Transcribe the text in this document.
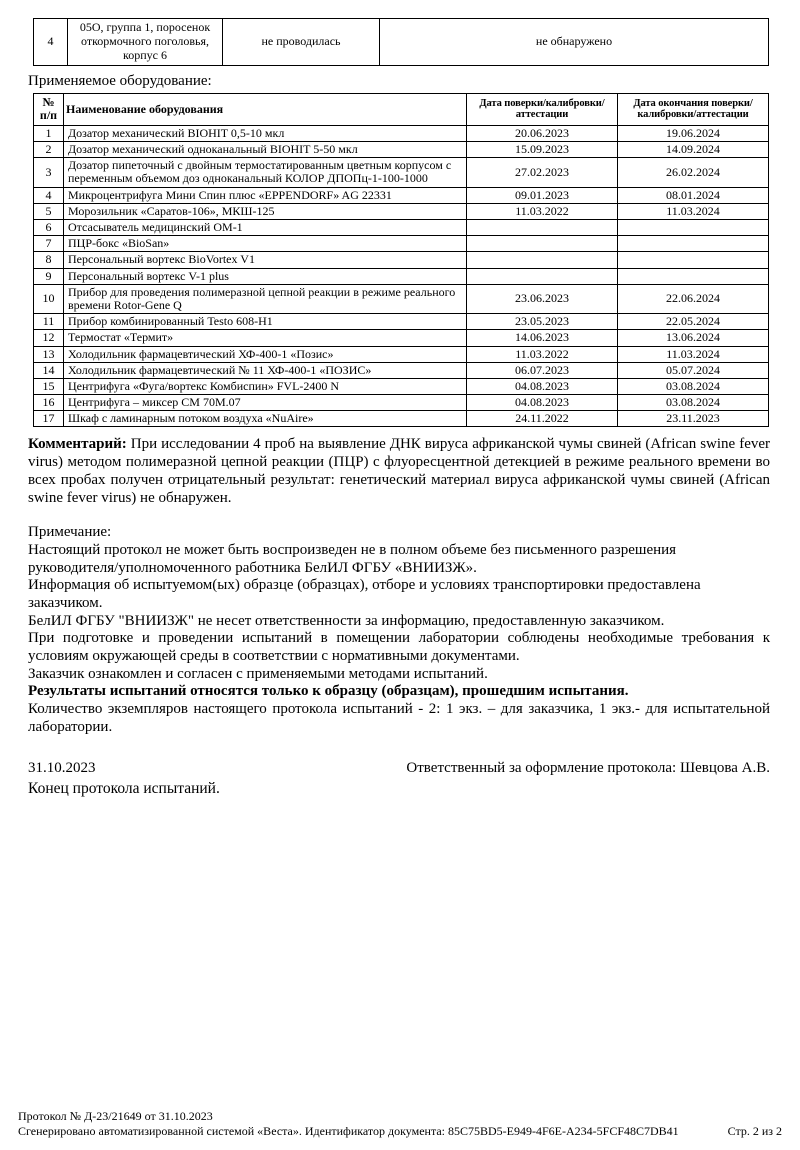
4	05О, группа 1, поросенок откормочного поголовья, корпус 6	не проводилась	не обнаружено
Применяемое оборудование:
№ п/п	Наименование оборудования	Дата поверки/калибровки/аттестации	Дата окончания поверки/калибровки/аттестации
1	Дозатор механический BIOHIT 0,5-10 мкл	20.06.2023	19.06.2024
2	Дозатор механический одноканальный BIOHIT 5-50 мкл	15.09.2023	14.09.2024
3	Дозатор пипеточный с двойным термостатированным цветным корпусом с переменным объемом доз одноканальный КОЛОР ДПОПц-1-100-1000	27.02.2023	26.02.2024
4	Микроцентрифуга Мини Спин плюс «EPPENDORF» AG 22331	09.01.2023	08.01.2024
5	Морозильник «Саратов-106», МКШ-125	11.03.2022	11.03.2024
6	Отсасыватель медицинский ОМ-1		
7	ПЦР-бокс «BioSan»		
8	Персональный вортекс BioVortex V1		
9	Персональный вортекс V-1 plus		
10	Прибор для проведения полимеразной цепной реакции в режиме реального времени Rotor-Gene Q	23.06.2023	22.06.2024
11	Прибор комбинированный Testo 608-H1	23.05.2023	22.05.2024
12	Термостат «Термит»	14.06.2023	13.06.2024
13	Холодильник фармацевтический ХФ-400-1 «Позис»	11.03.2022	11.03.2024
14	Холодильник фармацевтический № 11 ХФ-400-1 «ПОЗИС»	06.07.2023	05.07.2024
15	Центрифуга «Фуга/вортекс Комбиспин» FVL-2400 N	04.08.2023	03.08.2024
16	Центрифуга – миксер СМ 70М.07	04.08.2023	03.08.2024
17	Шкаф с ламинарным потоком воздуха «NuAire»	24.11.2022	23.11.2023

Комментарий: При исследовании 4 проб на выявление ДНК вируса африканской чумы свиней (African swine fever virus) методом полимеразной цепной реакции (ПЦР) с флуоресцентной детекцией в режиме реального времени во всех пробах получен отрицательный результат: генетический материал вируса африканской чумы свиней (African swine fever virus) не обнаружен.

Примечание:

Настоящий протокол не может быть воспроизведен не в полном объеме без письменного разрешения руководителя/уполномоченного работника БелИЛ ФГБУ «ВНИИЗЖ».

Информация об испытуемом(ых) образце (образцах), отборе и условиях транспортировки предоставлена заказчиком.

БелИЛ ФГБУ "ВНИИЗЖ" не несет ответственности за информацию, предоставленную заказчиком.

При подготовке и проведении испытаний в помещении лаборатории соблюдены необходимые требования к условиям окружающей среды в соответствии с нормативными документами.

Заказчик ознакомлен и согласен с применяемыми методами испытаний.

Результаты испытаний относятся только к образцу (образцам), прошедшим испытания.

Количество экземпляров настоящего протокола испытаний - 2: 1 экз. – для заказчика, 1 экз.- для испытательной лаборатории.

31.10.2023	Ответственный за оформление протокола: Шевцова А.В.
Конец протокола испытаний.
Протокол № Д-23/21649 от 31.10.2023
Сгенерировано автоматизированной системой «Веста». Идентификатор документа: 85C75BD5-E949-4F6E-A234-5FCF48C7DB41	Стр. 2 из 2
